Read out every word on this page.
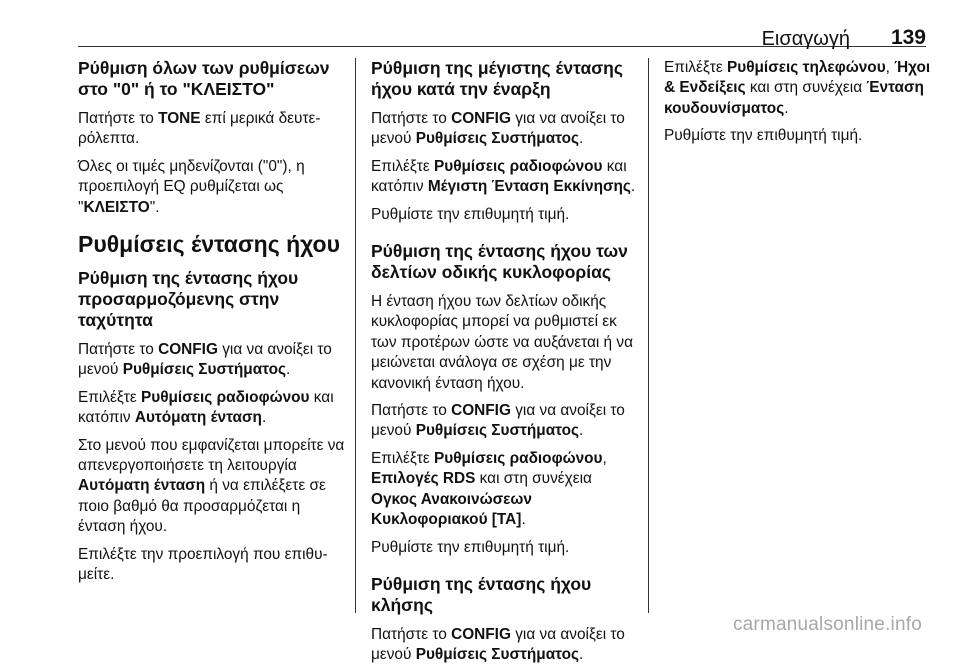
Εισαγωγή 139
Ρύθμιση όλων των ρυθμίσεων στο "0" ή το "ΚΛΕΙΣΤΟ"

Πατήστε το TONE επί μερικά δευτε-ρόλεπτα.

Όλες οι τιμές μηδενίζονται ("0"), η προεπιλογή EQ ρυθμίζεται ως "ΚΛΕΙΣΤΟ".

Ρυθμίσεις έντασης ήχου
Ρύθμιση της έντασης ήχου προσαρμοζόμενης στην ταχύτητα

Πατήστε το CONFIG για να ανοίξει το μενού Ρυθμίσεις Συστήματος.

Επιλέξτε Ρυθμίσεις ραδιοφώνου και κατόπιν Αυτόματη ένταση.

Στο μενού που εμφανίζεται μπορείτε να απενεργοποιήσετε τη λειτουργία Αυτόματη ένταση ή να επιλέξετε σε ποιο βαθμό θα προσαρμόζεται η ένταση ήχου.

Επιλέξτε την προεπιλογή που επιθυ-μείτε.

Ρύθμιση της μέγιστης έντασης ήχου κατά την έναρξη

Πατήστε το CONFIG για να ανοίξει το μενού Ρυθμίσεις Συστήματος.

Επιλέξτε Ρυθμίσεις ραδιοφώνου και κατόπιν Μέγιστη Ένταση Εκκίνησης.

Ρυθμίστε την επιθυμητή τιμή.

Ρύθμιση της έντασης ήχου των δελτίων οδικής κυκλοφορίας

Η ένταση ήχου των δελτίων οδικής κυκλοφορίας μπορεί να ρυθμιστεί εκ των προτέρων ώστε να αυξάνεται ή να μειώνεται ανάλογα σε σχέση με την κανονική ένταση ήχου.

Πατήστε το CONFIG για να ανοίξει το μενού Ρυθμίσεις Συστήματος.

Επιλέξτε Ρυθμίσεις ραδιοφώνου, Επιλογές RDS και στη συνέχεια Ογκος Ανακοινώσεων Κυκλοφοριακού [TA].

Ρυθμίστε την επιθυμητή τιμή.

Ρύθμιση της έντασης ήχου κλήσης

Πατήστε το CONFIG για να ανοίξει το μενού Ρυθμίσεις Συστήματος.

Επιλέξτε Ρυθμίσεις τηλεφώνου, Ήχοι & Ενδείξεις και στη συνέχεια Ένταση κουδουνίσματος.

Ρυθμίστε την επιθυμητή τιμή.

carmanualsonline.info
